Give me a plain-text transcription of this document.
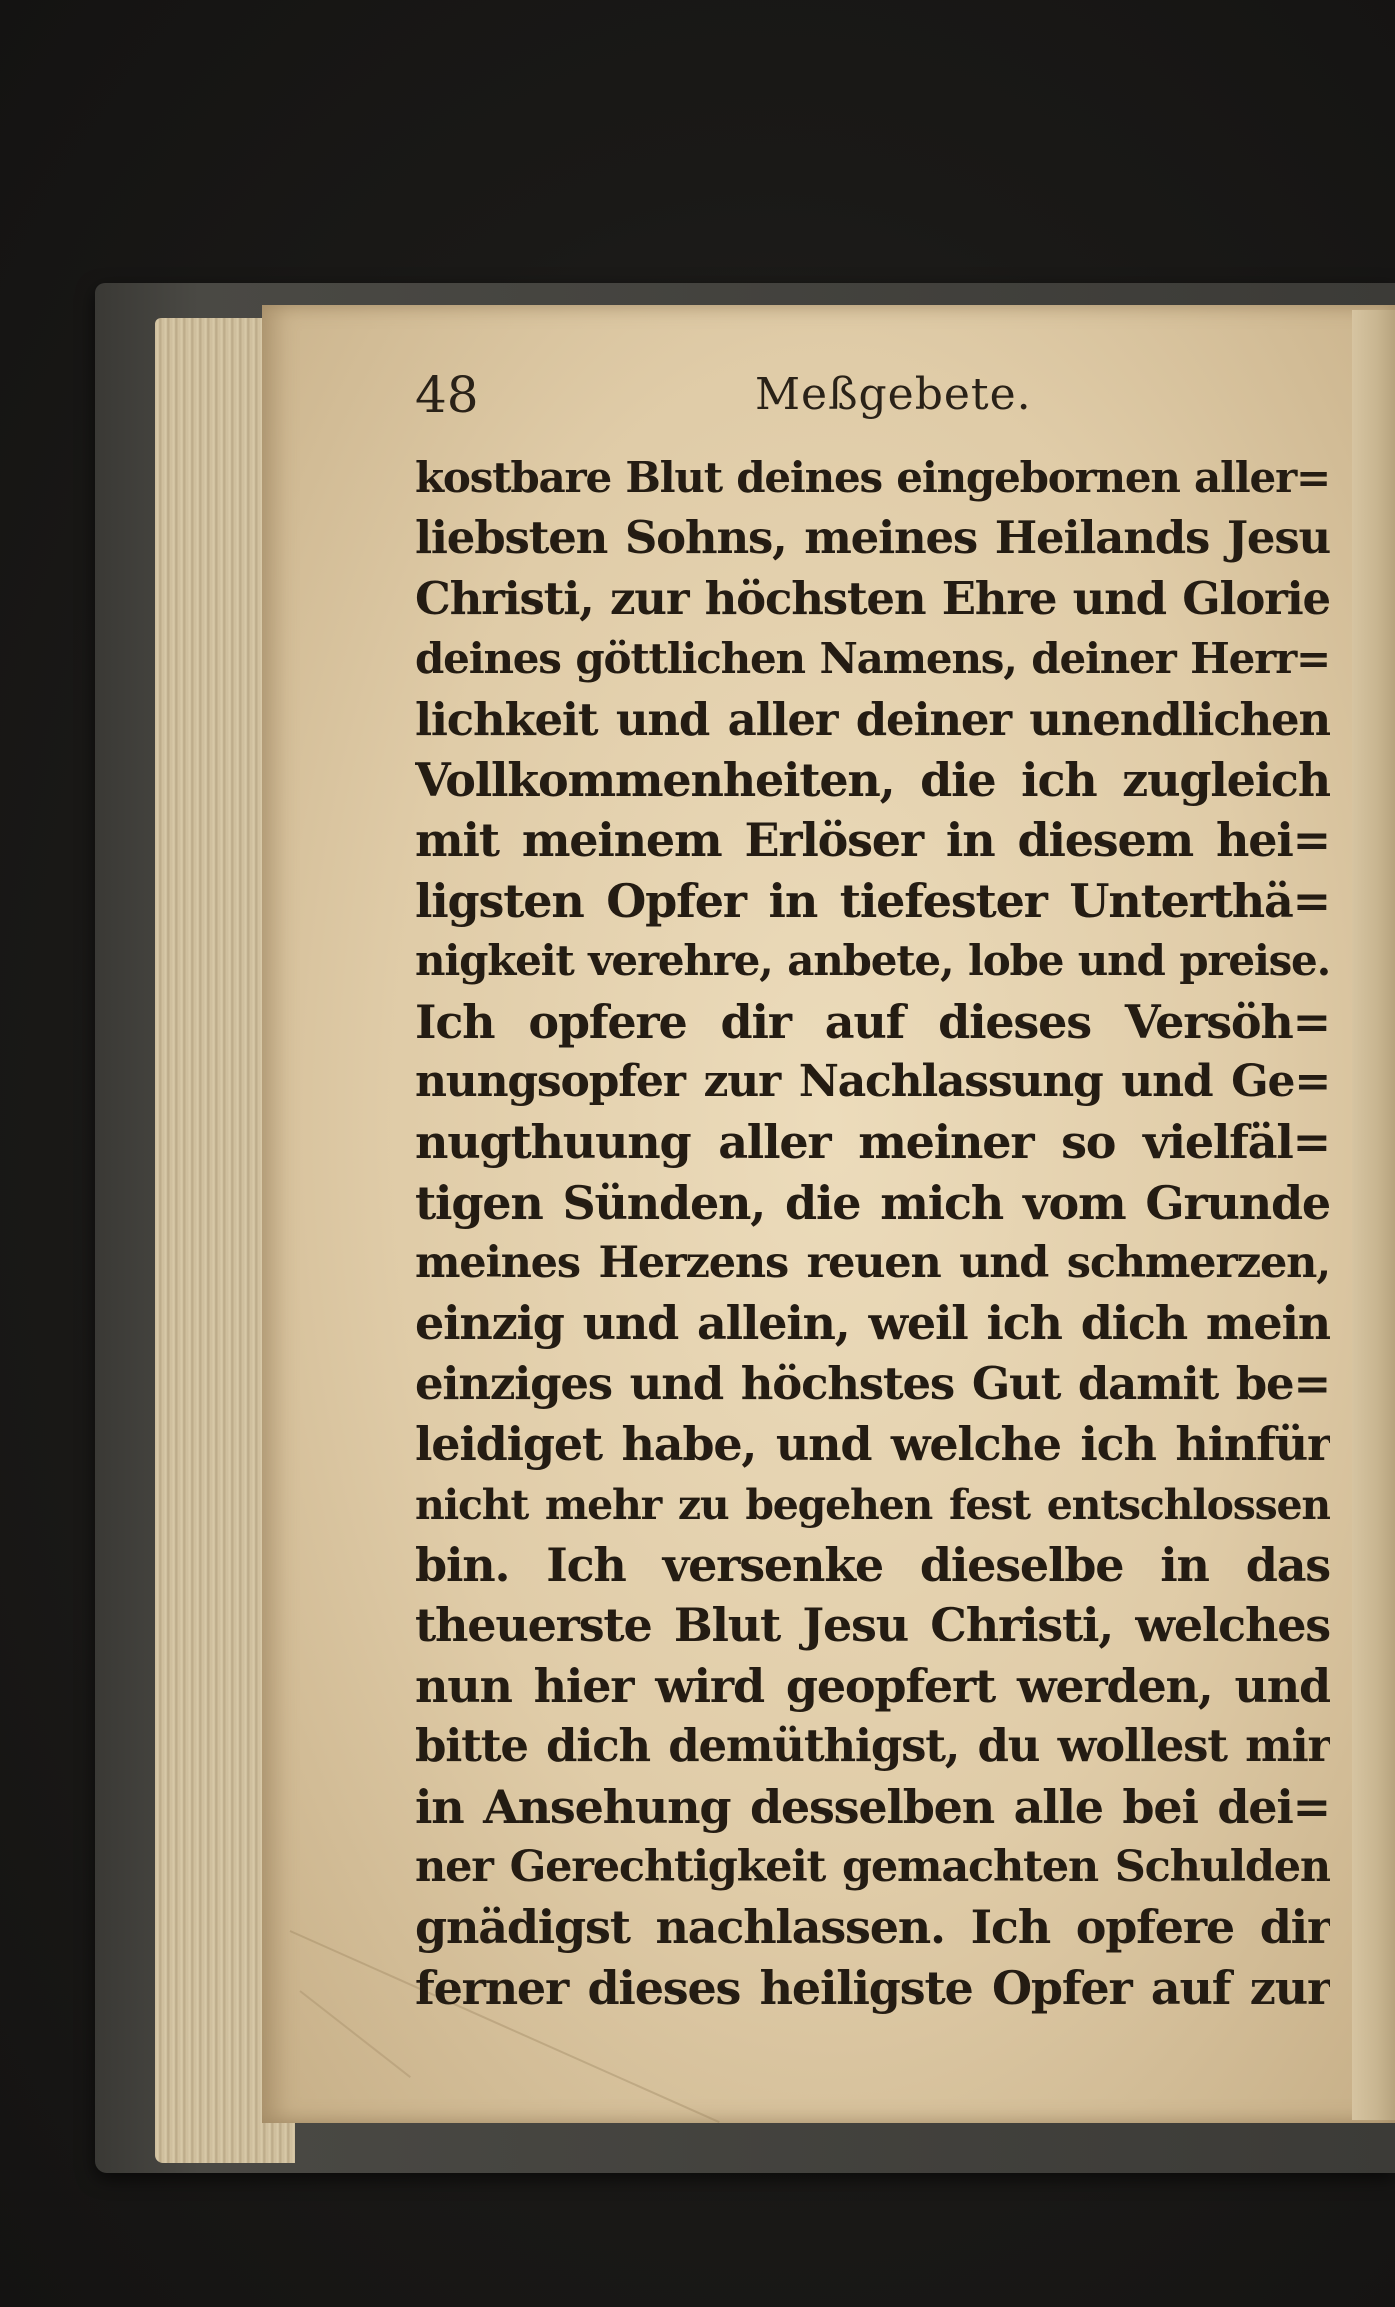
48	Meßgebete.
kostbare Blut deines eingebornen aller=
liebsten Sohns, meines Heilands Jesu
Christi, zur höchsten Ehre und Glorie
deines göttlichen Namens, deiner Herr=
lichkeit und aller deiner unendlichen
Vollkommenheiten, die ich zugleich
mit meinem Erlöser in diesem hei=
ligsten Opfer in tiefester Unterthä=
nigkeit verehre, anbete, lobe und preise.
Ich opfere dir auf dieses Versöh=
nungsopfer zur Nachlassung und Ge=
nugthuung aller meiner so vielfäl=
tigen Sünden, die mich vom Grunde
meines Herzens reuen und schmerzen,
einzig und allein, weil ich dich mein
einziges und höchstes Gut damit be=
leidiget habe, und welche ich hinfür
nicht mehr zu begehen fest entschlossen
bin. Ich versenke dieselbe in das
theuerste Blut Jesu Christi, welches
nun hier wird geopfert werden, und
bitte dich demüthigst, du wollest mir
in Ansehung desselben alle bei dei=
ner Gerechtigkeit gemachten Schulden
gnädigst nachlassen. Ich opfere dir
ferner dieses heiligste Opfer auf zur
